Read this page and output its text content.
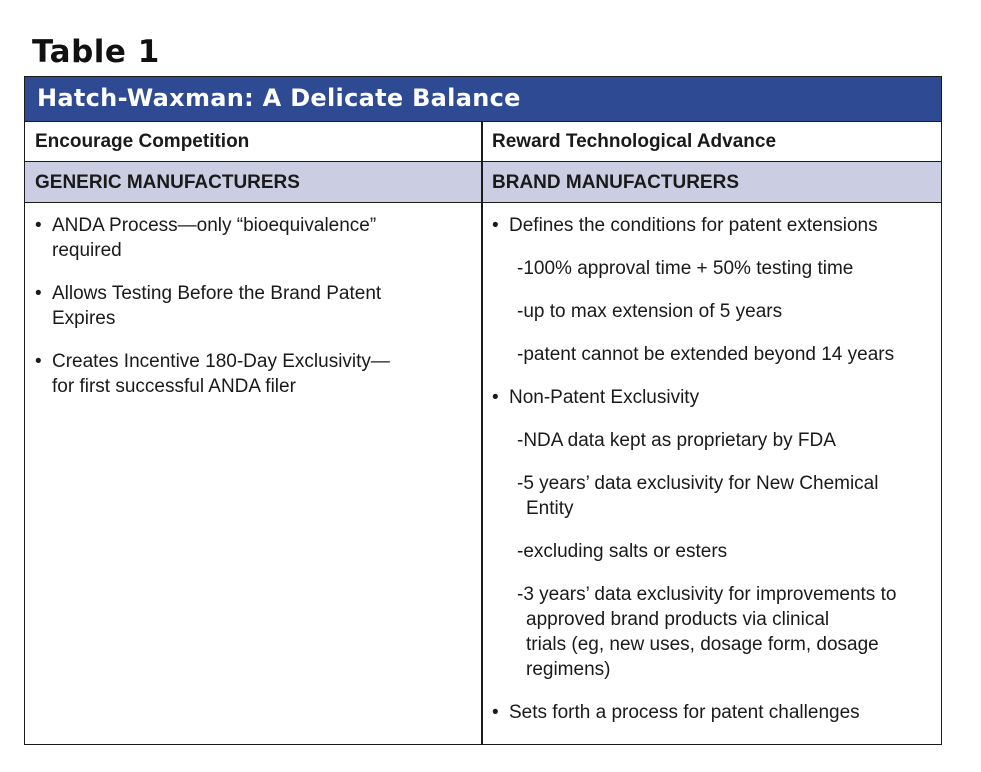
Table 1
Hatch-Waxman: A Delicate Balance
Encourage Competition	Reward Technological Advance
GENERIC MANUFACTURERS	BRAND MANUFACTURERS
• ANDA Process—only “bioequivalence”
required
• Allows Testing Before the Brand Patent
Expires
• Creates Incentive 180-Day Exclusivity—
for first successful ANDA filer
• Defines the conditions for patent extensions
-100% approval time + 50% testing time
-up to max extension of 5 years
-patent cannot be extended beyond 14 years
• Non-Patent Exclusivity
-NDA data kept as proprietary by FDA
-5 years’ data exclusivity for New Chemical
Entity
-excluding salts or esters
-3 years’ data exclusivity for improvements to
approved brand products via clinical
trials (eg, new uses, dosage form, dosage
regimens)
• Sets forth a process for patent challenges
